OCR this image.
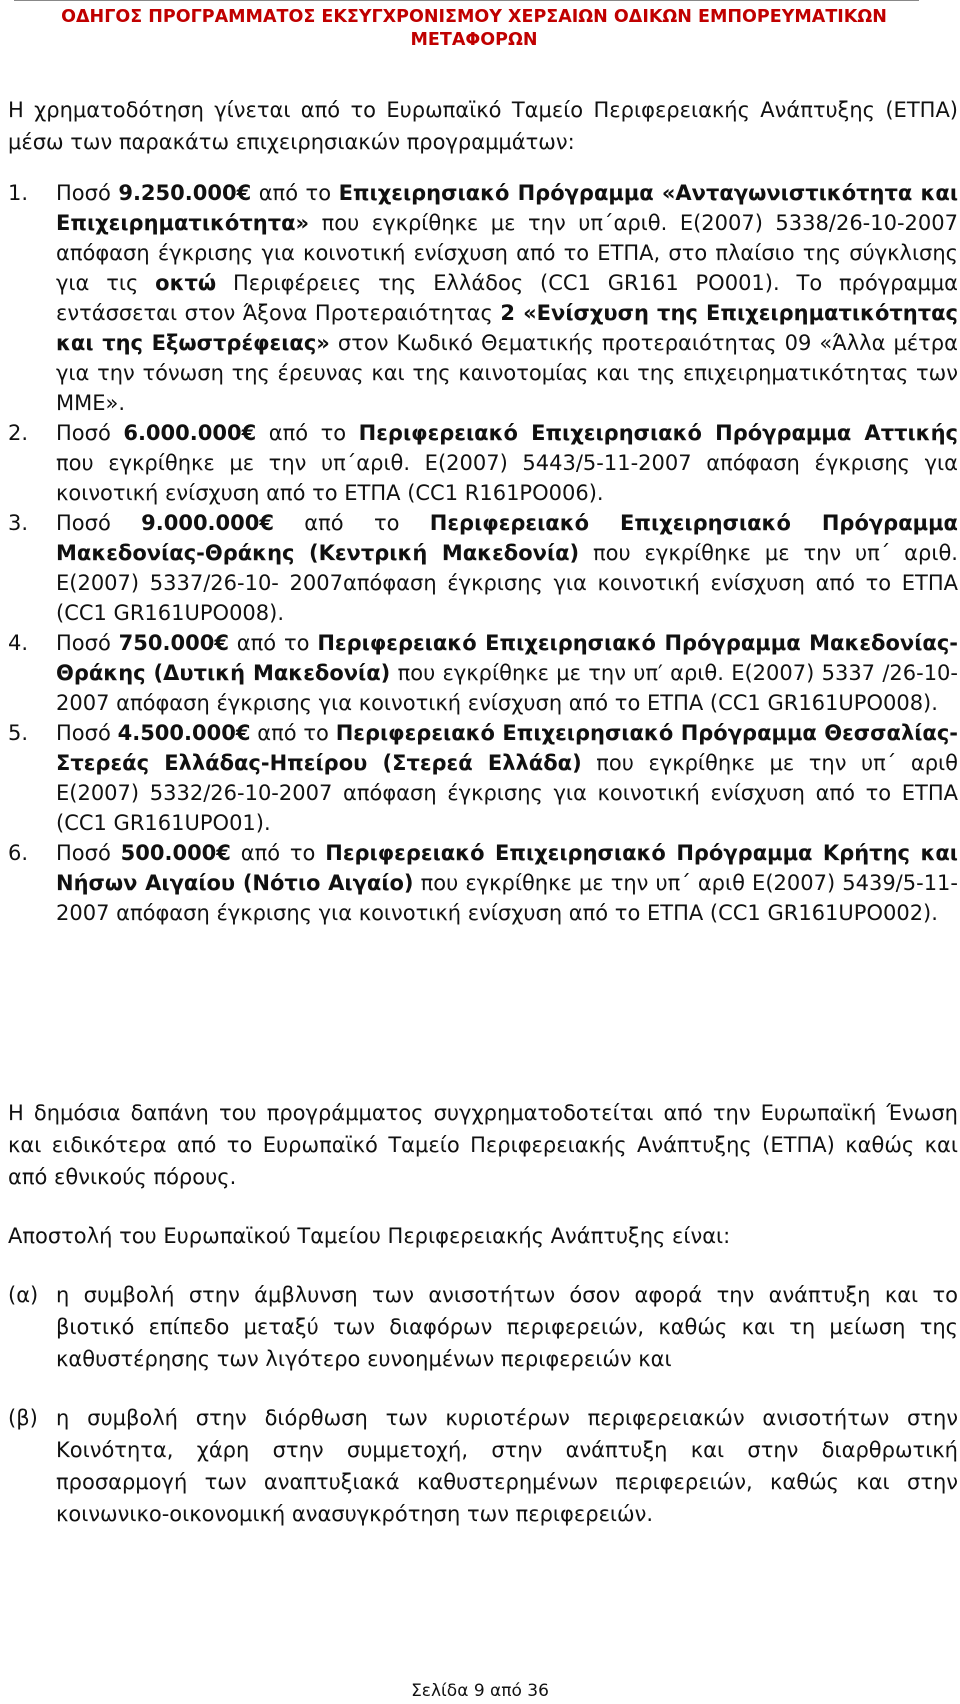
ΟΔΗΓΟΣ ΠΡΟΓΡΑΜΜΑΤΟΣ ΕΚΣΥΓΧΡΟΝΙΣΜΟΥ ΧΕΡΣΑΙΩΝ ΟΔΙΚΩΝ ΕΜΠΟΡΕΥΜΑΤΙΚΩΝ
ΜΕΤΑΦΟΡΩΝ

Η χρηματοδότηση γίνεται από το Ευρωπαϊκό Ταμείο Περιφερειακής Ανάπτυξης (ΕΤΠΑ) μέσω των παρακάτω επιχειρησιακών προγραμμάτων:

1. Ποσό 9.250.000€ από το Επιχειρησιακό Πρόγραμμα «Ανταγωνιστικότητα και Επιχειρηματικότητα» που εγκρίθηκε με την υπ΄αριθ. Ε(2007) 5338/26-10-2007 απόφαση έγκρισης για κοινοτική ενίσχυση από το ΕΤΠΑ, στο πλαίσιο της σύγκλισης για τις οκτώ Περιφέρειες της Ελλάδος (CC1 GR161 PO001). Το πρόγραμμα εντάσσεται στον Άξονα Προτεραιότητας 2 «Ενίσχυση της Επιχειρηματικότητας και της Εξωστρέφειας» στον Κωδικό Θεματικής προτεραιότητας 09 «Άλλα μέτρα για την τόνωση της έρευνας και της καινοτομίας και της επιχειρηματικότητας των ΜΜΕ».
2. Ποσό 6.000.000€ από το Περιφερειακό Επιχειρησιακό Πρόγραμμα Αττικής που εγκρίθηκε με την υπ΄αριθ. Ε(2007) 5443/5-11-2007 απόφαση έγκρισης για κοινοτική ενίσχυση από το ΕΤΠΑ (CC1 R161PO006).
3. Ποσό 9.000.000€ από το Περιφερειακό Επιχειρησιακό Πρόγραμμα Μακεδονίας-Θράκης (Κεντρική Μακεδονία) που εγκρίθηκε με την υπ΄ αριθ. Ε(2007) 5337/26-10- 2007απόφαση έγκρισης για κοινοτική ενίσχυση από το ΕΤΠΑ (CC1 GR161UPO008).
4. Ποσό 750.000€ από το Περιφερειακό Επιχειρησιακό Πρόγραμμα Μακεδονίας-Θράκης (Δυτική Μακεδονία) που εγκρίθηκε με την υπ′ αριθ. Ε(2007) 5337 /26-10-2007 απόφαση έγκρισης για κοινοτική ενίσχυση από το ΕΤΠΑ (CC1 GR161UPO008).
5. Ποσό 4.500.000€ από το Περιφερειακό Επιχειρησιακό Πρόγραμμα Θεσσαλίας-Στερεάς Ελλάδας-Ηπείρου (Στερεά Ελλάδα) που εγκρίθηκε με την υπ΄ αριθ Ε(2007) 5332/26-10-2007 απόφαση έγκρισης για κοινοτική ενίσχυση από το ΕΤΠΑ (CC1 GR161UPO01).
6. Ποσό 500.000€ από το Περιφερειακό Επιχειρησιακό Πρόγραμμα Κρήτης και Νήσων Αιγαίου (Νότιο Αιγαίο) που εγκρίθηκε με την υπ΄ αριθ Ε(2007) 5439/5-11-2007 απόφαση έγκρισης για κοινοτική ενίσχυση από το ΕΤΠΑ (CC1 GR161UPO002).

Η δημόσια δαπάνη του προγράμματος συγχρηματοδοτείται από την Ευρωπαϊκή Ένωση και ειδικότερα από το Ευρωπαϊκό Ταμείο Περιφερειακής Ανάπτυξης (ΕΤΠΑ) καθώς και από εθνικούς πόρους.

Αποστολή του Ευρωπαϊκού Ταμείου Περιφερειακής Ανάπτυξης είναι:

(α) η συμβολή στην άμβλυνση των ανισοτήτων όσον αφορά την ανάπτυξη και το βιοτικό επίπεδο μεταξύ των διαφόρων περιφερειών, καθώς και τη μείωση της καθυστέρησης των λιγότερο ευνοημένων περιφερειών και
(β) η συμβολή στην διόρθωση των κυριοτέρων περιφερειακών ανισοτήτων στην Κοινότητα, χάρη στην συμμετοχή, στην ανάπτυξη και στην διαρθρωτική προσαρμογή των αναπτυξιακά καθυστερημένων περιφερειών, καθώς και στην κοινωνικο-οικονομική ανασυγκρότηση των περιφερειών.
Σελίδα 9 από 36
